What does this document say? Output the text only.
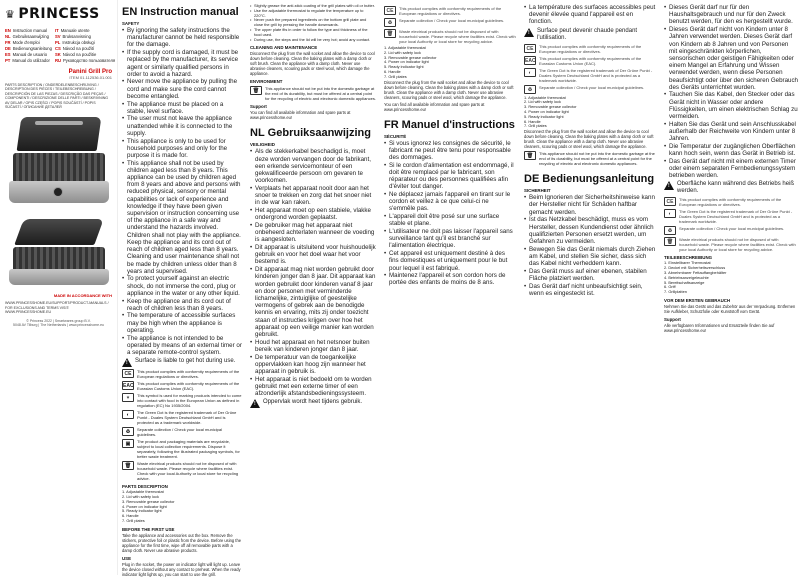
♛ PRINCESS
EN Instruction manual	IT Manuale utente
NL Gebruiksaanwijzing	SV Bruksanvisning
FR Mode d'emploi	PL Instrukcja obsługi
DE Bedienungsanleitung CS Návod na použití
ES Manual de usuario	SK Návod na použitie
PT Manual do utilizador	RU Руководство пользователя
Panini Grill Pro
ITEM 01.112536.01.001
PARTS DESCRIPTION / ONDERDELENBESCHRIJVING / DESCRIPTION DES PIÈCES / TEILEBESCHREIBUNG / DESCRIPCIÓN DE LAS PIEZAS / DESCRIÇÃO DAS PEÇAS / COMPONENTI / DESCRIZIONE DELLE PARTI / BESKRIVNING AV DELAR / OPIS CZĘŚCI / POPIS SOUČÁSTÍ / POPIS SÚČASTÍ / ОПИСАНИЕ ДЕТАЛЕЙ
MADE IN ACCORDANCE WITH
WWW.PRINCESSHOME.EU/SUPPORT/PRODUCT-MANUALS / FOR EXCLUSIONS AND TERMS VISIT: WWW.PRINCESSHOME.EU
© Princess 2022 | Smartwares group B.V.
5048 AV Tilburg | The Netherlands | www.princesshome.eu
EN Instruction manual
SAFETY
• By ignoring the safety instructions the manufacturer cannot be held responsible for the damage.
• If the supply cord is damaged, it must be replaced by the manufacturer, its service agent or similarly qualified persons in order to avoid a hazard.
• Never move the appliance by pulling the cord and make sure the cord cannot become entangled.
• The appliance must be placed on a stable, level surface.
• The user must not leave the appliance unattended while it is connected to the supply.
• This appliance is only to be used for household purposes and only for the purpose it is made for.
• This appliance shall not be used by children aged less than 8 years. This appliance can be used by children aged from 8 years and above and persons with reduced physical, sensory or mental capabilities or lack of experience and knowledge if they have been given supervision or instruction concerning use of the appliance in a safe way and understand the hazards involved. Children shall not play with the appliance. Keep the appliance and its cord out of reach of children aged less than 8 years. Cleaning and user maintenance shall not be made by children unless older than 8 years and supervised.
• To protect yourself against an electric shock, do not immerse the cord, plug or appliance in the water or any other liquid.
• Keep the appliance and its cord out of reach of children less than 8 years.
• The temperature of accessible surfaces may be high when the appliance is operating.
• The appliance is not intended to be operated by means of an external timer or a separate remote-control system.
!
Surface is liable to get hot during use.
CE	This product complies with conformity requirements of the European regulations or directives.
EAC This product complies with conformity requirements of the Eurasian Customs Union (EAC).
⑂	This symbol is used for marking products intended to come into contact with food in the European Union as defined in regulation (EC) No 1935/2004.
◐	The Green Dot is the registered trademark of Der Grüne Punkt - Duales System Deutschland GmbH and is protected as a trademark worldwide.
♻	Separate collection / Check your local municipal guidelines.
▣	The product and packaging materials are recyclable, subject to local collection requirements. Dispose it separately, following the illustrated packaging symbols, for better waste treatment.
🗑	Waste electrical products should not be disposed of with household waste. Please recycle where facilities exist. Check with your local Authority or local store for recycling advice.
PARTS DESCRIPTION
1. Adjustable thermostat
2. Lid with safety lock
3. Removable grease collector
4. Power on indicator light
5. Ready indicator light
6. Handle
7. Grill plates
BEFORE THE FIRST USE

Take the appliance and accessories out the box. Remove the stickers, protective foil or plastic from the device. Before using the appliance for the first time, wipe off all removable parts with a damp cloth. Never use abrasive products.

USE

Plug in the socket, the power on indicator light will light up. Leave the device closed without any contact to preheat. When the ready indicator light lights up, you can start to use the grill.

• Slightly grease the anti-stick coating of the grill plates with oil or butter.
• Use the adjustable thermostat to regulate the temperature up to 220°C.
• Never push the prepared ingredients on the bottom grill plate and close the grill by pressing the handle downwards.
• The upper plate fits in order to follow the type and thickness of the food used.
• During use, the steps and the lid will be very hot; avoid any contact.
CLEANING AND MAINTENANCE

Disconnect the plug from the wall socket and allow the device to cool down before cleaning. Clean the baking plates with a damp cloth or soft brush. Clean the appliance with a damp cloth. Never use abrasive cleaners, scouring pads or steel wool, which damage the appliance.

ENVIRONMENT
🗑	This appliance should not be put into the domestic garbage at the end of its durability, but must be offered at a central point for the recycling of electric and electronic domestic appliances.
Support

You can find all available information and spare parts at www.princesshome.eu!

NL Gebruiksaanwijzing
VEILIGHEID
• Als de stekkerkabel beschadigd is, moet deze worden vervangen door de fabrikant, een erkende servicemonteur of een gekwalificeerde persoon om gevaren te voorkomen.
• Verplaats het apparaat nooit door aan het snoer te trekken en zorg dat het snoer niet in de war kan raken.
• Het apparaat moet op een stabiele, vlakke ondergrond worden geplaatst.
• De gebruiker mag het apparaat niet onbeheerd achterlaten wanneer de voeding is aangesloten.
• Dit apparaat is uitsluitend voor huishoudelijk gebruik en voor het doel waar het voor bestemd is.
• Dit apparaat mag niet worden gebruikt door kinderen jonger dan 8 jaar. Dit apparaat kan worden gebruikt door kinderen vanaf 8 jaar en door personen met verminderde lichamelijke, zintuiglijke of geestelijke vermogens of gebrek aan de benodigde kennis en ervaring, mits zij onder toezicht staan of instructies krijgen over hoe het apparaat op een veilige manier kan worden gebruikt.
• Houd het apparaat en het netsnoer buiten bereik van kinderen jonger dan 8 jaar.
• De temperatuur van de toegankelijke oppervlakken kan hoog zijn wanneer het apparaat in gebruik is.
• Het apparaat is niet bedoeld om te worden gebruikt met een externe timer of een afzonderlijk afstandsbedieningssysteem.
!
Oppervlak wordt heet tijdens gebruik.
CE	This product complies with conformity requirements of the European regulations or directives.
♻	Separate collection / Check your local municipal guidelines.
🗑	Waste electrical products should not be disposed of with household waste. Please recycle where facilities exist. Check with your local Authority or local store for recycling advice.
1. Adjustable thermostat
2. Lid with safety lock
3. Removable grease collector
4. Power on indicator light
5. Ready indicator light
6. Handle
7. Grill plates

Disconnect the plug from the wall socket and allow the device to cool down before cleaning. Clean the baking plates with a damp cloth or soft brush. Clean the appliance with a damp cloth. Never use abrasive cleaners, scouring pads or steel wool, which damage the appliance.

You can find all available information and spare parts at www.princesshome.eu!

FR Manuel d'instructions
SÉCURITÉ
• Si vous ignorez les consignes de sécurité, le fabricant ne peut être tenu pour responsable des dommages.
• Si le cordon d'alimentation est endommagé, il doit être remplacé par le fabricant, son réparateur ou des personnes qualifiées afin d'éviter tout danger.
• Ne déplacez jamais l'appareil en tirant sur le cordon et veillez à ce que celui-ci ne s'emmêle pas.
• L'appareil doit être posé sur une surface stable et plane.
• L'utilisateur ne doit pas laisser l'appareil sans surveillance tant qu'il est branché sur l'alimentation électrique.
• Cet appareil est uniquement destiné à des fins domestiques et uniquement pour le but pour lequel il est fabriqué.
• Maintenez l'appareil et son cordon hors de portée des enfants de moins de 8 ans.
• La température des surfaces accessibles peut devenir élevée quand l'appareil est en fonction.
!
Surface peut devenir chaude pendant l'utilisation.
CE	This product complies with conformity requirements of the European regulations or directives.
EAC This product complies with conformity requirements of the Eurasian Customs Union (EAC).
◐	The Green Dot is the registered trademark of Der Grüne Punkt - Duales System Deutschland GmbH and is protected as a trademark worldwide.
♻	Separate collection / Check your local municipal guidelines.
1. Adjustable thermostat
2. Lid with safety lock
3. Removable grease collector
4. Power on indicator light
5. Ready indicator light
6. Handle
7. Grill plates

Disconnect the plug from the wall socket and allow the device to cool down before cleaning. Clean the baking plates with a damp cloth or soft brush. Clean the appliance with a damp cloth. Never use abrasive cleaners, scouring pads or steel wool, which damage the appliance.

🗑	This appliance should not be put into the domestic garbage at the end of its durability, but must be offered at a central point for the recycling of electric and electronic domestic appliances.
DE Bedienungsanleitung
SICHERHEIT
• Beim Ignorieren der Sicherheitshinweise kann der Hersteller nicht für Schäden haftbar gemacht werden.
• Ist das Netzkabel beschädigt, muss es vom Hersteller, dessen Kundendienst oder ähnlich qualifizierten Personen ersetzt werden, um Gefahren zu vermeiden.
• Bewegen Sie das Gerät niemals durch Ziehen am Kabel, und stellen Sie sicher, dass sich das Kabel nicht verheddern kann.
• Das Gerät muss auf einer ebenen, stabilen Fläche platziert werden.
• Das Gerät darf nicht unbeaufsichtigt sein, wenn es eingesteckt ist.
• Dieses Gerät darf nur für den Haushaltsgebrauch und nur für den Zweck benutzt werden, für den es hergestellt wurde.
• Dieses Gerät darf nicht von Kindern unter 8 Jahren verwendet werden. Dieses Gerät darf von Kindern ab 8 Jahren und von Personen mit eingeschränkten körperlichen, sensorischen oder geistigen Fähigkeiten oder einem Mangel an Erfahrung und Wissen verwendet werden, wenn diese Personen beaufsichtigt oder über den sicheren Gebrauch des Geräts unterrichtet wurden.
• Tauchen Sie das Kabel, den Stecker oder das Gerät nicht in Wasser oder andere Flüssigkeiten, um einen elektrischen Schlag zu vermeiden.
• Halten Sie das Gerät und sein Anschlusskabel außerhalb der Reichweite von Kindern unter 8 Jahren.
• Die Temperatur der zugänglichen Oberflächen kann hoch sein, wenn das Gerät in Betrieb ist.
• Das Gerät darf nicht mit einem externen Timer oder einem separaten Fernbedienungssystem betrieben werden.
!
Oberfläche kann während des Betriebs heiß werden.
CE	This product complies with conformity requirements of the European regulations or directives.
◐	The Green Dot is the registered trademark of Der Grüne Punkt - Duales System Deutschland GmbH and is protected as a trademark worldwide.
♻	Separate collection / Check your local municipal guidelines.
🗑	Waste electrical products should not be disposed of with household waste. Please recycle where facilities exist. Check with your local Authority or local store for recycling advice.
TEILEBESCHREIBUNG
1. Einstellbarer Thermostat
2. Deckel mit Sicherheitsverschluss
3. Abnehmbarer Fettauffangbehälter
4. Betriebsanzeigeleuchte
5. Bereitschaftsanzeige
6. Griff
7. Grillplatten
VOR DEM ERSTEN GEBRAUCH

Nehmen Sie das Gerät und das Zubehör aus der Verpackung. Entfernen Sie Aufkleber, Schutzfolie oder Kunststoff vom Gerät.

Support

Alle verfügbaren Informationen und Ersatzteile finden Sie auf www.princesshome.eu!
